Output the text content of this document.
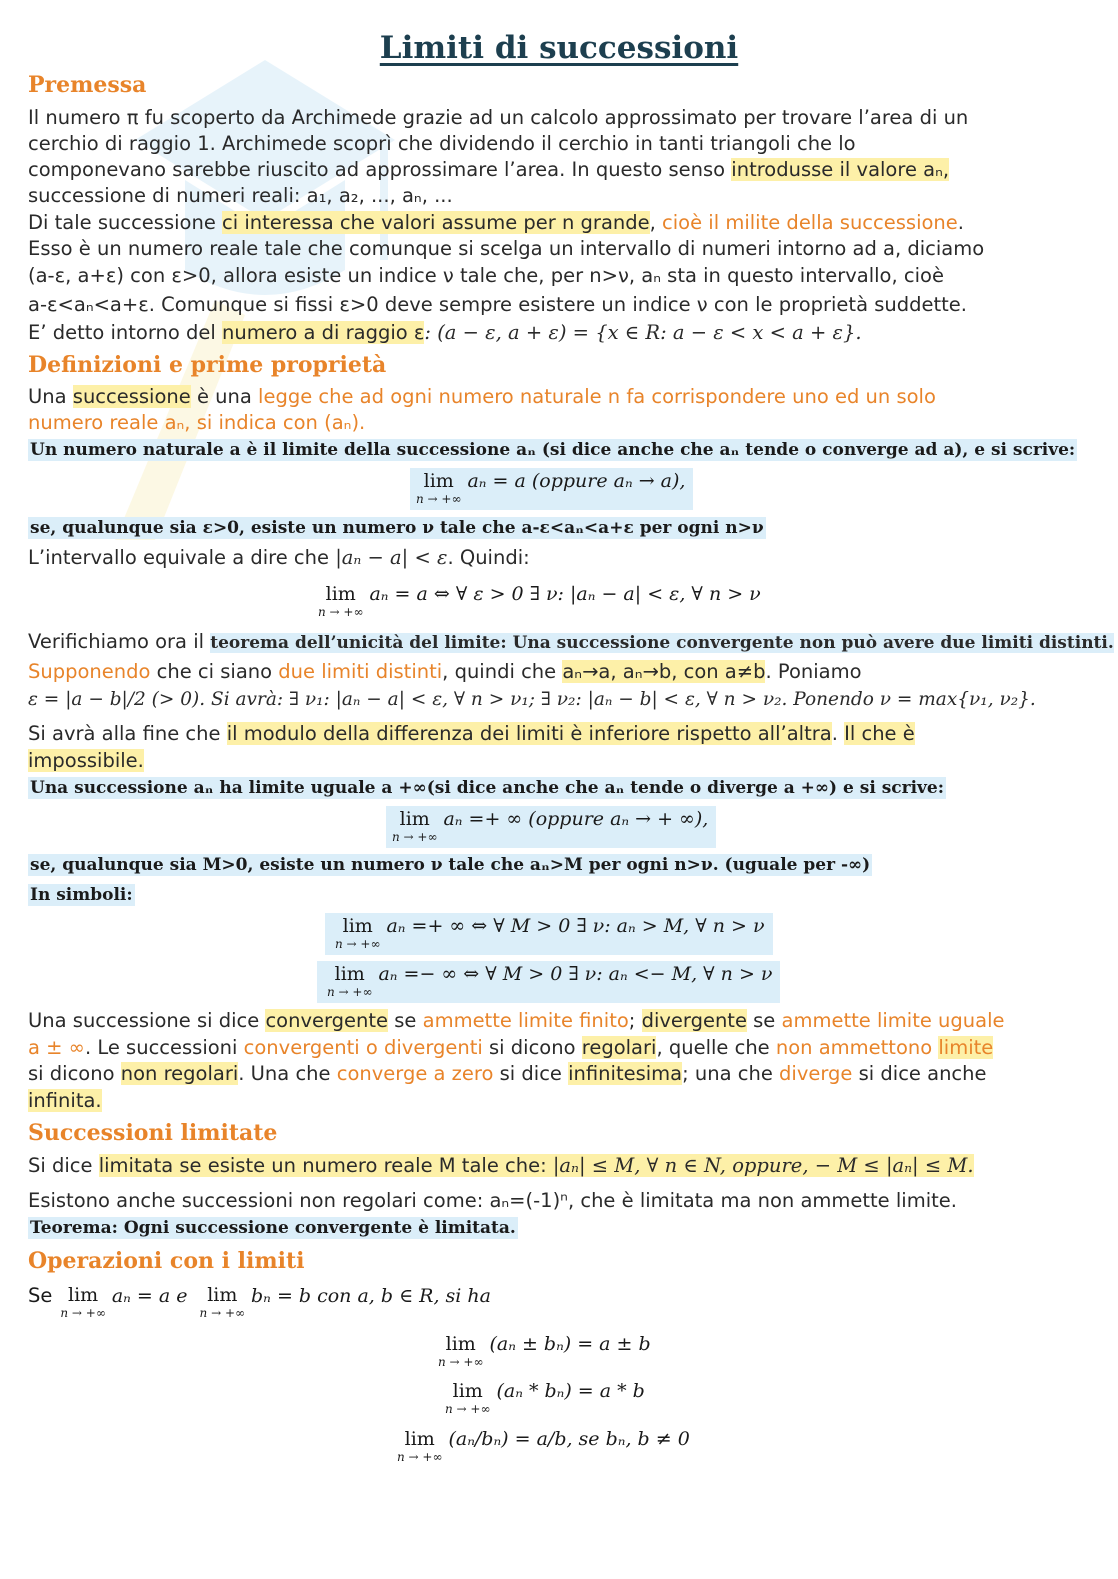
Limiti di successioni
Premessa
Il numero π fu scoperto da Archimede grazie ad un calcolo approssimato per trovare l’area di un
cerchio di raggio 1. Archimede scoprì che dividendo il cerchio in tanti triangoli che lo
componevano sarebbe riuscito ad approssimare l’area. In questo senso introdusse il valore aₙ,
successione di numeri reali: a₁, a₂, ..., aₙ, ...
Di tale successione ci interessa che valori assume per n grande, cioè il milite della successione.
Esso è un numero reale tale che comunque si scelga un intervallo di numeri intorno ad a, diciamo
(a-ε, a+ε) con ε>0, allora esiste un indice ν tale che, per n>ν, aₙ sta in questo intervallo, cioè
a-ε<aₙ<a+ε. Comunque si fissi ε>0 deve sempre esistere un indice ν con le proprietà suddette.
E’ detto intorno del numero a di raggio ε: (a − ε, a + ε) = {x ∈ R: a − ε < x < a + ε}.
Definizioni e prime proprietà
Una successione è una legge che ad ogni numero naturale n fa corrispondere uno ed un solo
numero reale aₙ, si indica con (aₙ).
Un numero naturale a è il limite della successione aₙ (si dice anche che aₙ tende o converge ad a), e si scrive:
lim
n → +∞
aₙ = a (oppure aₙ → a),
se, qualunque sia ε>0, esiste un numero ν tale che a-ε<aₙ<a+ε per ogni n>ν
L’intervallo equivale a dire che |aₙ − a| < ε. Quindi:
lim
n → +∞
aₙ = a ⇔ ∀ ε > 0 ∃ ν: |aₙ − a| < ε, ∀ n > ν
Verifichiamo ora il teorema dell’unicità del limite: Una successione convergente non può avere due limiti distinti.
Supponendo che ci siano due limiti distinti, quindi che aₙ→a, aₙ→b, con a≠b. Poniamo
ε = |a − b|/2 (> 0). Si avrà: ∃ ν₁: |aₙ − a| < ε, ∀ n > ν₁; ∃ ν₂: |aₙ − b| < ε, ∀ n > ν₂. Ponendo ν = max{ν₁, ν₂}.
Si avrà alla fine che il modulo della differenza dei limiti è inferiore rispetto all’altra. Il che è
impossibile.
Una successione aₙ ha limite uguale a +∞(si dice anche che aₙ tende o diverge a +∞) e si scrive:
lim
n → +∞
aₙ =+ ∞ (oppure aₙ → + ∞),
se, qualunque sia M>0, esiste un numero ν tale che aₙ>M per ogni n>ν. (uguale per -∞)
In simboli:
lim
n → +∞
aₙ =+ ∞ ⇔ ∀ M > 0 ∃ ν: aₙ > M, ∀ n > ν
lim
n → +∞
aₙ =− ∞ ⇔ ∀ M > 0 ∃ ν: aₙ <− M, ∀ n > ν
Una successione si dice convergente se ammette limite finito; divergente se ammette limite uguale
a ± ∞. Le successioni convergenti o divergenti si dicono regolari, quelle che non ammettono limite
si dicono non regolari. Una che converge a zero si dice infinitesima; una che diverge si dice anche
infinita.
Successioni limitate
Si dice limitata se esiste un numero reale M tale che: |aₙ| ≤ M, ∀ n ∈ N, oppure, − M ≤ |aₙ| ≤ M.
Esistono anche successioni non regolari come: aₙ=(-1)ⁿ, che è limitata ma non ammette limite.
Teorema: Ogni successione convergente è limitata.
Operazioni con i limiti
Se lim
n → +∞
aₙ = a e	lim
n → +∞
bₙ = b con a, b ∈ R, si ha
lim
n → +∞
(aₙ ± bₙ) = a ± b
lim
n → +∞
(aₙ * bₙ) = a * b
lim
n → +∞
(aₙ/bₙ) = a/b, se bₙ, b ≠ 0
